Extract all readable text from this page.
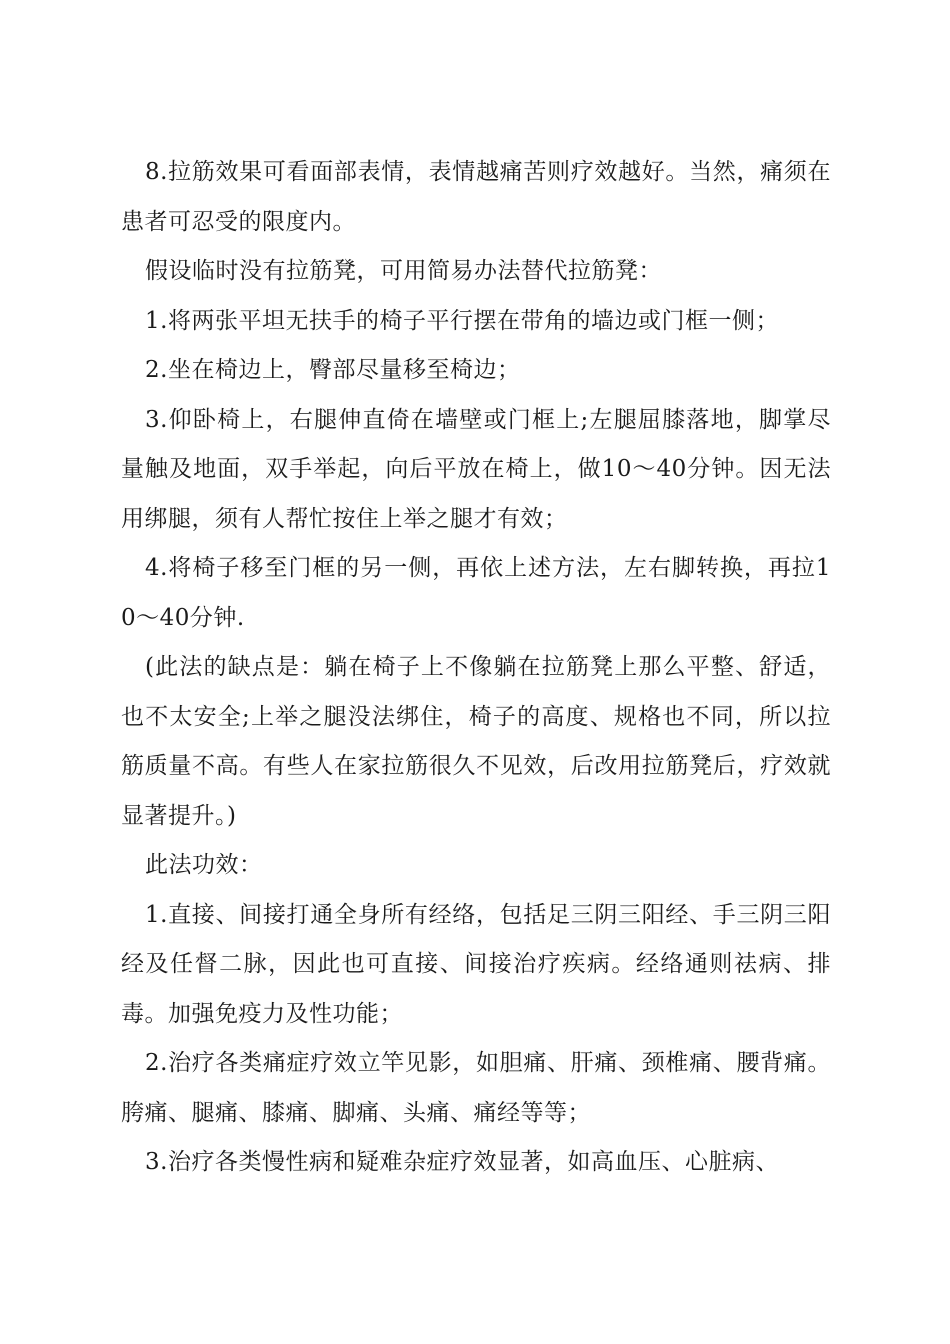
8.拉筋效果可看面部表情，表情越痛苦则疗效越好。当然，痛须在患者可忍受的限度内。

假设临时没有拉筋凳，可用简易办法替代拉筋凳：

1.将两张平坦无扶手的椅子平行摆在带角的墙边或门框一侧；

2.坐在椅边上，臀部尽量移至椅边；

3.仰卧椅上，右腿伸直倚在墙壁或门框上;左腿屈膝落地，脚掌尽量触及地面，双手举起，向后平放在椅上，做10～40分钟。因无法用绑腿，须有人帮忙按住上举之腿才有效；

4.将椅子移至门框的另一侧，再依上述方法，左右脚转换，再拉10～40分钟.

(此法的缺点是：躺在椅子上不像躺在拉筋凳上那么平整、舒适，也不太安全;上举之腿没法绑住，椅子的高度、规格也不同，所以拉筋质量不高。有些人在家拉筋很久不见效，后改用拉筋凳后，疗效就显著提升。)

此法功效：

1.直接、间接打通全身所有经络，包括足三阴三阳经、手三阴三阳经及任督二脉，因此也可直接、间接治疗疾病。经络通则祛病、排毒。加强免疫力及性功能；

2.治疗各类痛症疗效立竿见影，如胆痛、肝痛、颈椎痛、腰背痛。胯痛、腿痛、膝痛、脚痛、头痛、痛经等等；

3.治疗各类慢性病和疑难杂症疗效显著，如高血压、心脏病、
